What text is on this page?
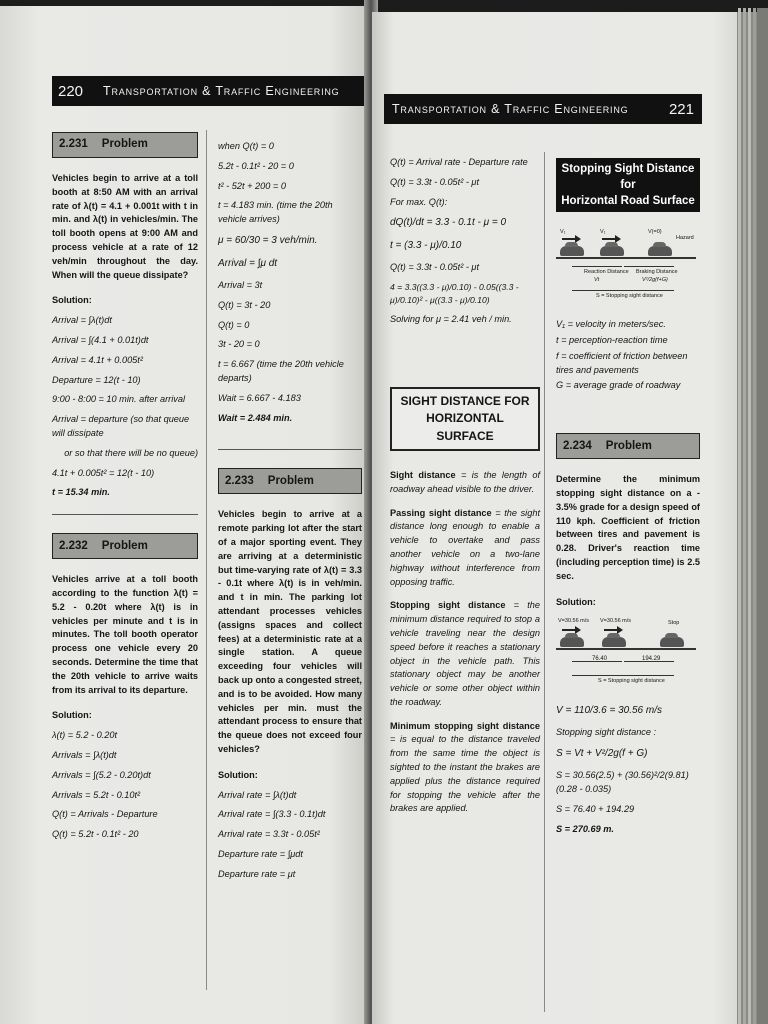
220 Transportation & Traffic Engineering
2.231 Problem

Vehicles begin to arrive at a toll booth at 8:50 AM with an arrival rate of λ(t) = 4.1 + 0.001t with t in min. and λ(t) in vehicles/min. The toll booth opens at 9:00 AM and process vehicle at a rate of 12 veh/min throughout the day. When will the queue dissipate?

Solution:

Arrival = ∫λ(t)dt

Arrival = ∫(4.1 + 0.01t)dt

Arrival = 4.1t + 0.005t²

Departure = 12(t - 10)

9:00 - 8:00 = 10 min. after arrival

Arrival = departure (so that queue will dissipate

or so that there will be no queue)

4.1t + 0.005t² = 12(t - 10)

t = 15.34 min.

2.232 Problem

Vehicles arrive at a toll booth according to the function λ(t) = 5.2 - 0.20t where λ(t) is in vehicles per minute and t is in minutes. The toll booth operator process one vehicle every 20 seconds. Determine the time that the 20th vehicle to arrive waits from its arrival to its departure.

Solution:

λ(t) = 5.2 - 0.20t

Arrivals = ∫λ(t)dt

Arrivals = ∫(5.2 - 0.20t)dt

Arrivals = 5.2t - 0.10t²

Q(t) = Arrivals - Departure

Q(t) = 5.2t - 0.1t² - 20

when Q(t) = 0

5.2t - 0.1t² - 20 = 0

t² - 52t + 200 = 0

t = 4.183 min. (time the 20th vehicle arrives)

μ = 60/30 = 3 veh/min.

Arrival = ∫μ dt

Arrival = 3t

Q(t) = 3t - 20

Q(t) = 0

3t - 20 = 0

t = 6.667 (time the 20th vehicle departs)

Wait = 6.667 - 4.183

Wait = 2.484 min.

2.233 Problem

Vehicles begin to arrive at a remote parking lot after the start of a major sporting event. They are arriving at a deterministic but time-varying rate of λ(t) = 3.3 - 0.1t where λ(t) is in veh/min. and t in min. The parking lot attendant processes vehicles (assigns spaces and collect fees) at a deterministic rate at a single station. A queue exceeding four vehicles will back up onto a congested street, and is to be avoided. How many vehicles per min. must the attendant process to ensure that the queue does not exceed four vehicles?

Solution:

Arrival rate = ∫λ(t)dt

Arrival rate = ∫(3.3 - 0.1t)dt

Arrival rate = 3.3t - 0.05t²

Departure rate = ∫μdt

Departure rate = μt

Transportation & Traffic Engineering	221

Q(t) = Arrival rate - Departure rate

Q(t) = 3.3t - 0.05t² - μt

For max. Q(t):

dQ(t)/dt = 3.3 - 0.1t - μ = 0

t = (3.3 - μ)/0.10

Q(t) = 3.3t - 0.05t² - μt

4 = 3.3((3.3 - μ)/0.10) - 0.05((3.3 - μ)/0.10)² - μ((3.3 - μ)/0.10)

Solving for μ = 2.41 veh / min.

SIGHT DISTANCE FOR
HORIZONTAL SURFACE

Sight distance = is the length of roadway ahead visible to the driver.

Passing sight distance = the sight distance long enough to enable a vehicle to overtake and pass another vehicle on a two-lane highway without interference from opposing traffic.

Stopping sight distance = the minimum distance required to stop a vehicle traveling near the design speed before it reaches a stationary object in the vehicle path. This stationary object may be another vehicle or some other object within the roadway.

Minimum stopping sight distance = is equal to the distance traveled from the same time the object is sighted to the instant the brakes are applied plus the distance required for stopping the vehicle after the brakes are applied.

Stopping Sight Distance for
Horizontal Road Surface
V₁	V₁	V(=0)
Hazard
Reaction Distance Braking Distance
Vt	V²/2g(f+G)
S = Stopping sight distance

V₁ = velocity in meters/sec.

t = perception-reaction time

f = coefficient of friction between tires and pavements

G = average grade of roadway

2.234 Problem

Determine the minimum stopping sight distance on a - 3.5% grade for a design speed of 110 kph. Coefficient of friction between tires and pavement is 0.28. Driver's reaction time (including perception time) is 2.5 sec.

Solution:

V=30.56 m/s V=30.56 m/s	Stop
76.40	194.29
S = Stopping sight distance

V = 110/3.6 = 30.56 m/s

Stopping sight distance :

S = Vt + V²/2g(f + G)

S = 30.56(2.5) + (30.56)²/2(9.81)(0.28 - 0.035)

S = 76.40 + 194.29

S = 270.69 m.
